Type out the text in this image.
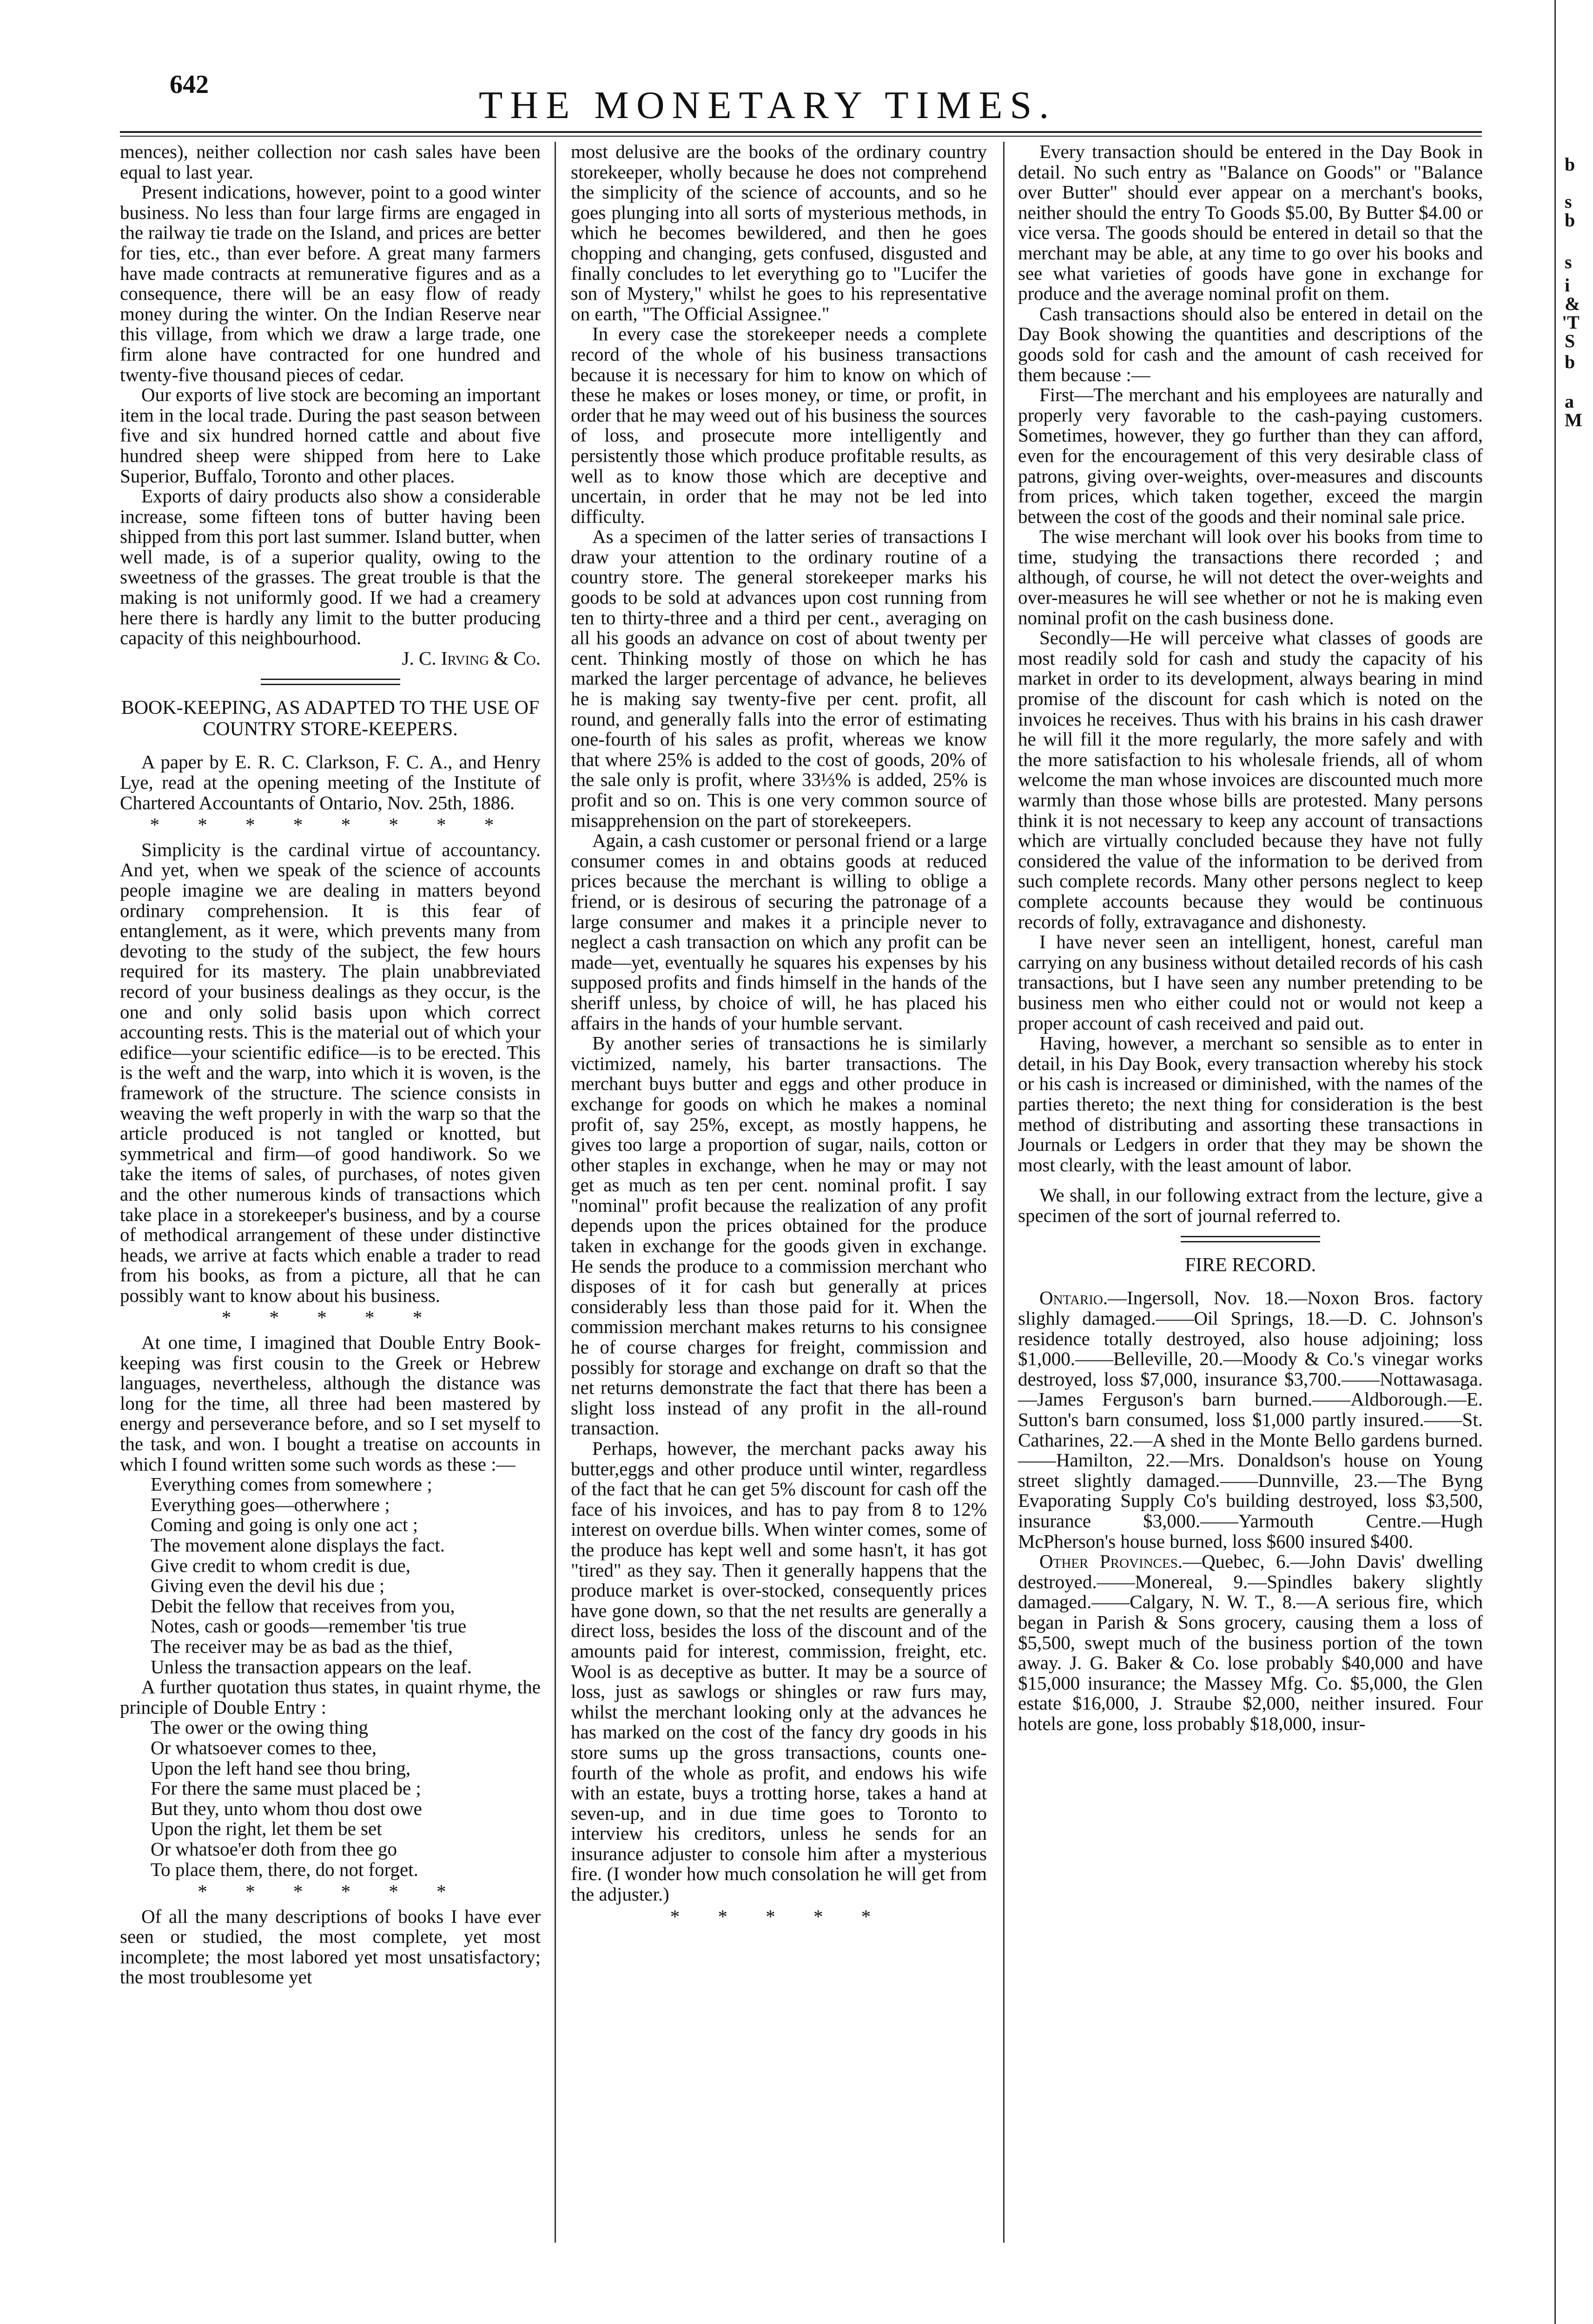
642	THE MONETARY TIMES.

mences), neither collection nor cash sales have been equal to last year.

Present indications, however, point to a good winter business. No less than four large firms are engaged in the railway tie trade on the Island, and prices are better for ties, etc., than ever before. A great many farmers have made contracts at remunerative figures and as a consequence, there will be an easy flow of ready money during the winter. On the Indian Reserve near this village, from which we draw a large trade, one firm alone have contracted for one hundred and twenty-five thousand pieces of cedar.

Our exports of live stock are becoming an important item in the local trade. During the past season between five and six hundred horned cattle and about five hundred sheep were shipped from here to Lake Superior, Buffalo, Toronto and other places.

Exports of dairy products also show a considerable increase, some fifteen tons of butter having been shipped from this port last summer. Island butter, when well made, is of a superior quality, owing to the sweetness of the grasses. The great trouble is that the making is not uniformly good. If we had a creamery here there is hardly any limit to the butter producing capacity of this neighbourhood.

J. C. Irving & Co.
BOOK-KEEPING, AS ADAPTED TO THE USE OF COUNTRY STORE-KEEPERS.

A paper by E. R. C. Clarkson, F. C. A., and Henry Lye, read at the opening meeting of the Institute of Chartered Accountants of Ontario, Nov. 25th, 1886.

* * * * * * * *

Simplicity is the cardinal virtue of accountancy. And yet, when we speak of the science of accounts people imagine we are dealing in matters beyond ordinary comprehension. It is this fear of entanglement, as it were, which prevents many from devoting to the study of the subject, the few hours required for its mastery. The plain unabbreviated record of your business dealings as they occur, is the one and only solid basis upon which correct accounting rests. This is the material out of which your edifice—your scientific edifice—is to be erected. This is the weft and the warp, into which it is woven, is the framework of the structure. The science consists in weaving the weft properly in with the warp so that the article produced is not tangled or knotted, but symmetrical and firm—of good handiwork. So we take the items of sales, of purchases, of notes given and the other numerous kinds of transactions which take place in a storekeeper's business, and by a course of methodical arrangement of these under distinctive heads, we arrive at facts which enable a trader to read from his books, as from a picture, all that he can possibly want to know about his business.

* * * * *

At one time, I imagined that Double Entry Book-keeping was first cousin to the Greek or Hebrew languages, nevertheless, although the distance was long for the time, all three had been mastered by energy and perseverance before, and so I set myself to the task, and won. I bought a treatise on accounts in which I found written some such words as these :—

Everything comes from somewhere ;

Everything goes—otherwhere ;

Coming and going is only one act ;

The movement alone displays the fact.

Give credit to whom credit is due,

Giving even the devil his due ;

Debit the fellow that receives from you,

Notes, cash or goods—remember 'tis true

The receiver may be as bad as the thief,

Unless the transaction appears on the leaf.

A further quotation thus states, in quaint rhyme, the principle of Double Entry :

The ower or the owing thing

Or whatsoever comes to thee,

Upon the left hand see thou bring,

For there the same must placed be ;

But they, unto whom thou dost owe

Upon the right, let them be set

Or whatsoe'er doth from thee go

To place them, there, do not forget.

* * * * * *

Of all the many descriptions of books I have ever seen or studied, the most complete, yet most incomplete; the most labored yet most unsatisfactory; the most troublesome yet

most delusive are the books of the ordinary country storekeeper, wholly because he does not comprehend the simplicity of the science of accounts, and so he goes plunging into all sorts of mysterious methods, in which he becomes bewildered, and then he goes chopping and changing, gets confused, disgusted and finally concludes to let everything go to "Lucifer the son of Mystery," whilst he goes to his representative on earth, "The Official Assignee."

In every case the storekeeper needs a complete record of the whole of his business transactions because it is necessary for him to know on which of these he makes or loses money, or time, or profit, in order that he may weed out of his business the sources of loss, and prosecute more intelligently and persistently those which produce profitable results, as well as to know those which are deceptive and uncertain, in order that he may not be led into difficulty.

As a specimen of the latter series of transactions I draw your attention to the ordinary routine of a country store. The general storekeeper marks his goods to be sold at advances upon cost running from ten to thirty-three and a third per cent., averaging on all his goods an advance on cost of about twenty per cent. Thinking mostly of those on which he has marked the larger percentage of advance, he believes he is making say twenty-five per cent. profit, all round, and generally falls into the error of estimating one-fourth of his sales as profit, whereas we know that where 25% is added to the cost of goods, 20% of the sale only is profit, where 33⅓% is added, 25% is profit and so on. This is one very common source of misapprehension on the part of storekeepers.

Again, a cash customer or personal friend or a large consumer comes in and obtains goods at reduced prices because the merchant is willing to oblige a friend, or is desirous of securing the patronage of a large consumer and makes it a principle never to neglect a cash transaction on which any profit can be made—yet, eventually he squares his expenses by his supposed profits and finds himself in the hands of the sheriff unless, by choice of will, he has placed his affairs in the hands of your humble servant.

By another series of transactions he is similarly victimized, namely, his barter transactions. The merchant buys butter and eggs and other produce in exchange for goods on which he makes a nominal profit of, say 25%, except, as mostly happens, he gives too large a proportion of sugar, nails, cotton or other staples in exchange, when he may or may not get as much as ten per cent. nominal profit. I say "nominal" profit because the realization of any profit depends upon the prices obtained for the produce taken in exchange for the goods given in exchange. He sends the produce to a commission merchant who disposes of it for cash but generally at prices considerably less than those paid for it. When the commission merchant makes returns to his consignee he of course charges for freight, commission and possibly for storage and exchange on draft so that the net returns demonstrate the fact that there has been a slight loss instead of any profit in the all-round transaction.

Perhaps, however, the merchant packs away his butter,eggs and other produce until winter, regardless of the fact that he can get 5% discount for cash off the face of his invoices, and has to pay from 8 to 12% interest on overdue bills. When winter comes, some of the produce has kept well and some hasn't, it has got "tired" as they say. Then it generally happens that the produce market is over-stocked, consequently prices have gone down, so that the net results are generally a direct loss, besides the loss of the discount and of the amounts paid for interest, commission, freight, etc. Wool is as deceptive as butter. It may be a source of loss, just as sawlogs or shingles or raw furs may, whilst the merchant looking only at the advances he has marked on the cost of the fancy dry goods in his store sums up the gross transactions, counts one-fourth of the whole as profit, and endows his wife with an estate, buys a trotting horse, takes a hand at seven-up, and in due time goes to Toronto to interview his creditors, unless he sends for an insurance adjuster to console him after a mysterious fire. (I wonder how much consolation he will get from the adjuster.)

* * * * *

Every transaction should be entered in the Day Book in detail. No such entry as "Balance on Goods" or "Balance over Butter" should ever appear on a merchant's books, neither should the entry To Goods $5.00, By Butter $4.00 or vice versa. The goods should be entered in detail so that the merchant may be able, at any time to go over his books and see what varieties of goods have gone in exchange for produce and the average nominal profit on them.

Cash transactions should also be entered in detail on the Day Book showing the quantities and descriptions of the goods sold for cash and the amount of cash received for them because :—

First—The merchant and his employees are naturally and properly very favorable to the cash-paying customers. Sometimes, however, they go further than they can afford, even for the encouragement of this very desirable class of patrons, giving over-weights, over-measures and discounts from prices, which taken together, exceed the margin between the cost of the goods and their nominal sale price.

The wise merchant will look over his books from time to time, studying the transactions there recorded ; and although, of course, he will not detect the over-weights and over-measures he will see whether or not he is making even nominal profit on the cash business done.

Secondly—He will perceive what classes of goods are most readily sold for cash and study the capacity of his market in order to its development, always bearing in mind promise of the discount for cash which is noted on the invoices he receives. Thus with his brains in his cash drawer he will fill it the more regularly, the more safely and with the more satisfaction to his wholesale friends, all of whom welcome the man whose invoices are discounted much more warmly than those whose bills are protested. Many persons think it is not necessary to keep any account of transactions which are virtually concluded because they have not fully considered the value of the information to be derived from such complete records. Many other persons neglect to keep complete accounts because they would be continuous records of folly, extravagance and dishonesty.

I have never seen an intelligent, honest, careful man carrying on any business without detailed records of his cash transactions, but I have seen any number pretending to be business men who either could not or would not keep a proper account of cash received and paid out.

Having, however, a merchant so sensible as to enter in detail, in his Day Book, every transaction whereby his stock or his cash is increased or diminished, with the names of the parties thereto; the next thing for consideration is the best method of distributing and assorting these transactions in Journals or Ledgers in order that they may be shown the most clearly, with the least amount of labor.

We shall, in our following extract from the lecture, give a specimen of the sort of journal referred to.

FIRE RECORD.

Ontario.—Ingersoll, Nov. 18.—Noxon Bros. factory slighly damaged.——Oil Springs, 18.—D. C. Johnson's residence totally destroyed, also house adjoining; loss $1,000.——Belleville, 20.—Moody & Co.'s vinegar works destroyed, loss $7,000, insurance $3,700.——Nottawasaga.—James Ferguson's barn burned.——Aldborough.—E. Sutton's barn consumed, loss $1,000 partly insured.——St. Catharines, 22.—A shed in the Monte Bello gardens burned.——Hamilton, 22.—Mrs. Donaldson's house on Young street slightly damaged.——Dunnville, 23.—The Byng Evaporating Supply Co's building destroyed, loss $3,500, insurance $3,000.——Yarmouth Centre.—Hugh McPherson's house burned, loss $600 insured $400.

Other Provinces.—Quebec, 6.—John Davis' dwelling destroyed.——Monereal, 9.—Spindles bakery slightly damaged.——Calgary, N. W. T., 8.—A serious fire, which began in Parish & Sons grocery, causing them a loss of $5,500, swept much of the business portion of the town away. J. G. Baker & Co. lose probably $40,000 and have $15,000 insurance; the Massey Mfg. Co. $5,000, the Glen estate $16,000, J. Straube $2,000, neither insured. Four hotels are gone, loss probably $18,000, insur-

b
s
b
s
i
&
'T
S
b
a
M
